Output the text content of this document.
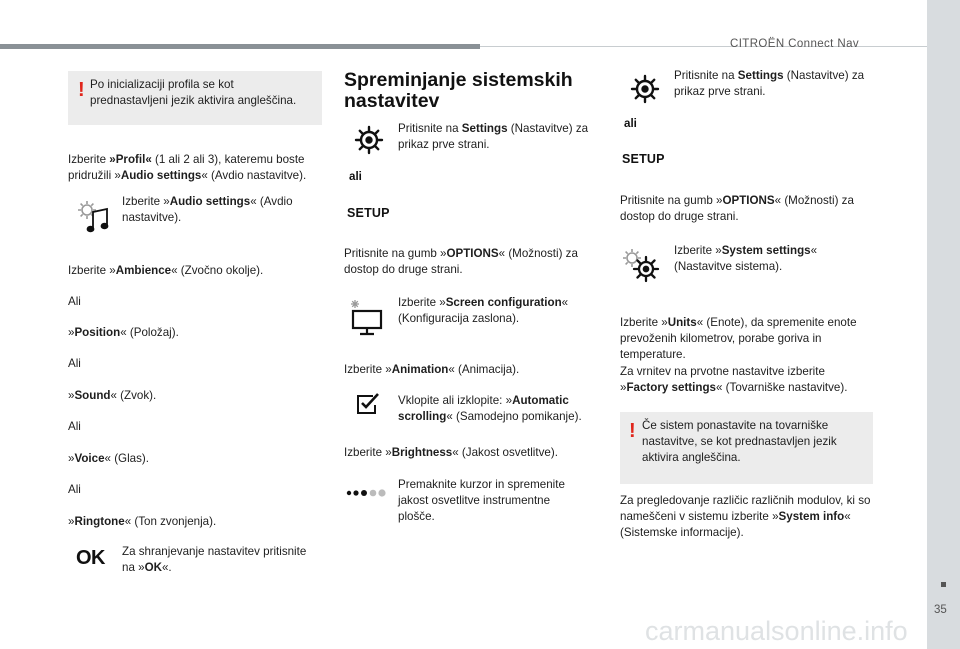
CITROËN Connect Nav
35
carmanualsonline.info
! Po inicializaciji profila se kot prednastavljeni jezik aktivira angleščina.
Izberite »Profil« (1 ali 2 ali 3), kateremu boste pridružili »Audio settings« (Avdio nastavitve).
Izberite »Audio settings« (Avdio nastavitve).
Izberite »Ambience« (Zvočno okolje).
Ali
»Position« (Položaj).
Ali
»Sound« (Zvok).
Ali
»Voice« (Glas).
Ali
»Ringtone« (Ton zvonjenja).
OK Za shranjevanje nastavitev pritisnite na »OK«.
Spreminjanje sistemskih nastavitev
Pritisnite na Settings (Nastavitve) za prikaz prve strani.
ali
SETUP
Pritisnite na gumb »OPTIONS« (Možnosti) za dostop do druge strani.
Izberite »Screen configuration« (Konfiguracija zaslona).
Izberite »Animation« (Animacija).
Vklopite ali izklopite: »Automatic scrolling« (Samodejno pomikanje).
Izberite »Brightness« (Jakost osvetlitve).
Premaknite kurzor in spremenite jakost osvetlitve instrumentne plošče.
Pritisnite na Settings (Nastavitve) za prikaz prve strani.
ali
SETUP
Pritisnite na gumb »OPTIONS« (Možnosti) za dostop do druge strani.
Izberite »System settings« (Nastavitve sistema).
Izberite »Units« (Enote), da spremenite enote prevoženih kilometrov, porabe goriva in temperature.
Za vrnitev na prvotne nastavitve izberite »Factory settings« (Tovarniške nastavitve).
! Če sistem ponastavite na tovarniške nastavitve, se kot prednastavljen jezik aktivira angleščina.
Za pregledovanje različic različnih modulov, ki so nameščeni v sistemu izberite »System info« (Sistemske informacije).
